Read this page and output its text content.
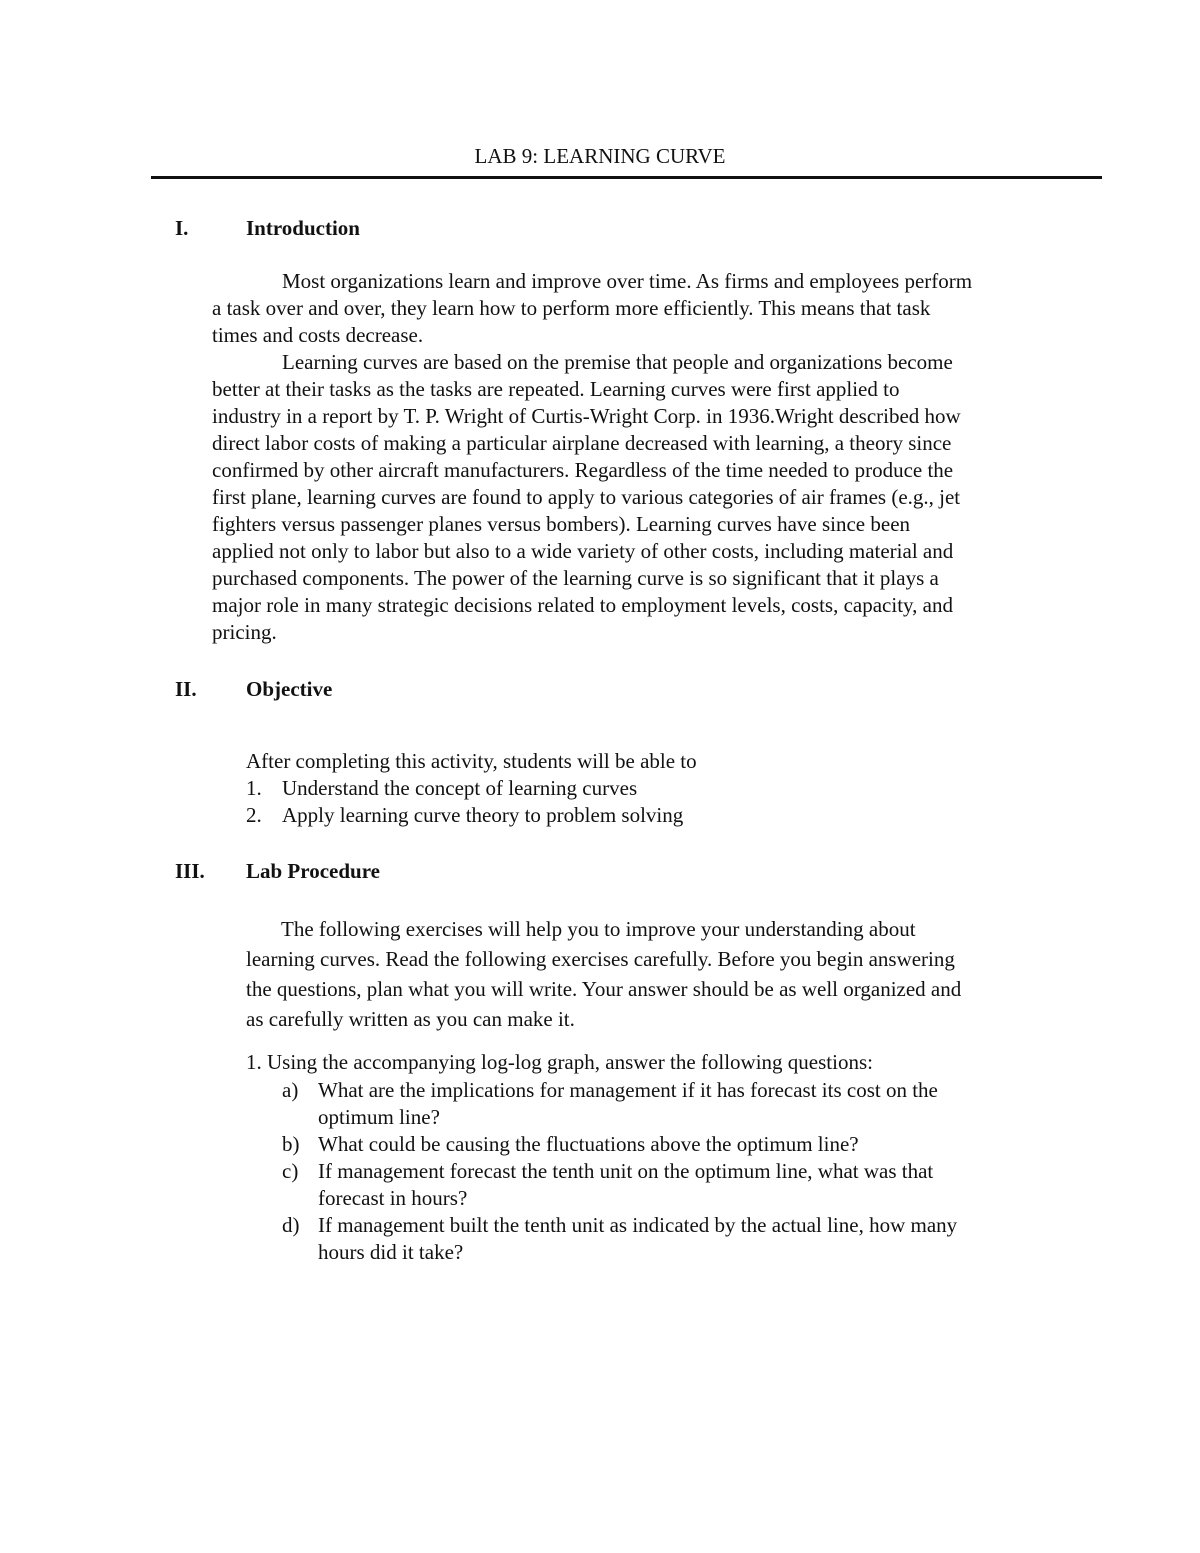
LAB 9: LEARNING CURVE
I.	Introduction
Most organizations learn and improve over time. As firms and employees perform
a task over and over, they learn how to perform more efficiently. This means that task
times and costs decrease.
Learning curves are based on the premise that people and organizations become
better at their tasks as the tasks are repeated. Learning curves were first applied to
industry in a report by T. P. Wright of Curtis-Wright Corp. in 1936.Wright described how
direct labor costs of making a particular airplane decreased with learning, a theory since
confirmed by other aircraft manufacturers. Regardless of the time needed to produce the
first plane, learning curves are found to apply to various categories of air frames (e.g., jet
fighters versus passenger planes versus bombers). Learning curves have since been
applied not only to labor but also to a wide variety of other costs, including material and
purchased components. The power of the learning curve is so significant that it plays a
major role in many strategic decisions related to employment levels, costs, capacity, and
pricing.
II. Objective
After completing this activity, students will be able to
1. Understand the concept of learning curves
2. Apply learning curve theory to problem solving
III. Lab Procedure
The following exercises will help you to improve your understanding about
learning curves. Read the following exercises carefully. Before you begin answering
the questions, plan what you will write. Your answer should be as well organized and
as carefully written as you can make it.
1. Using the accompanying log-log graph, answer the following questions:
a) What are the implications for management if it has forecast its cost on the
optimum line?
b) What could be causing the fluctuations above the optimum line?
c) If management forecast the tenth unit on the optimum line, what was that
forecast in hours?
d) If management built the tenth unit as indicated by the actual line, how many
hours did it take?
